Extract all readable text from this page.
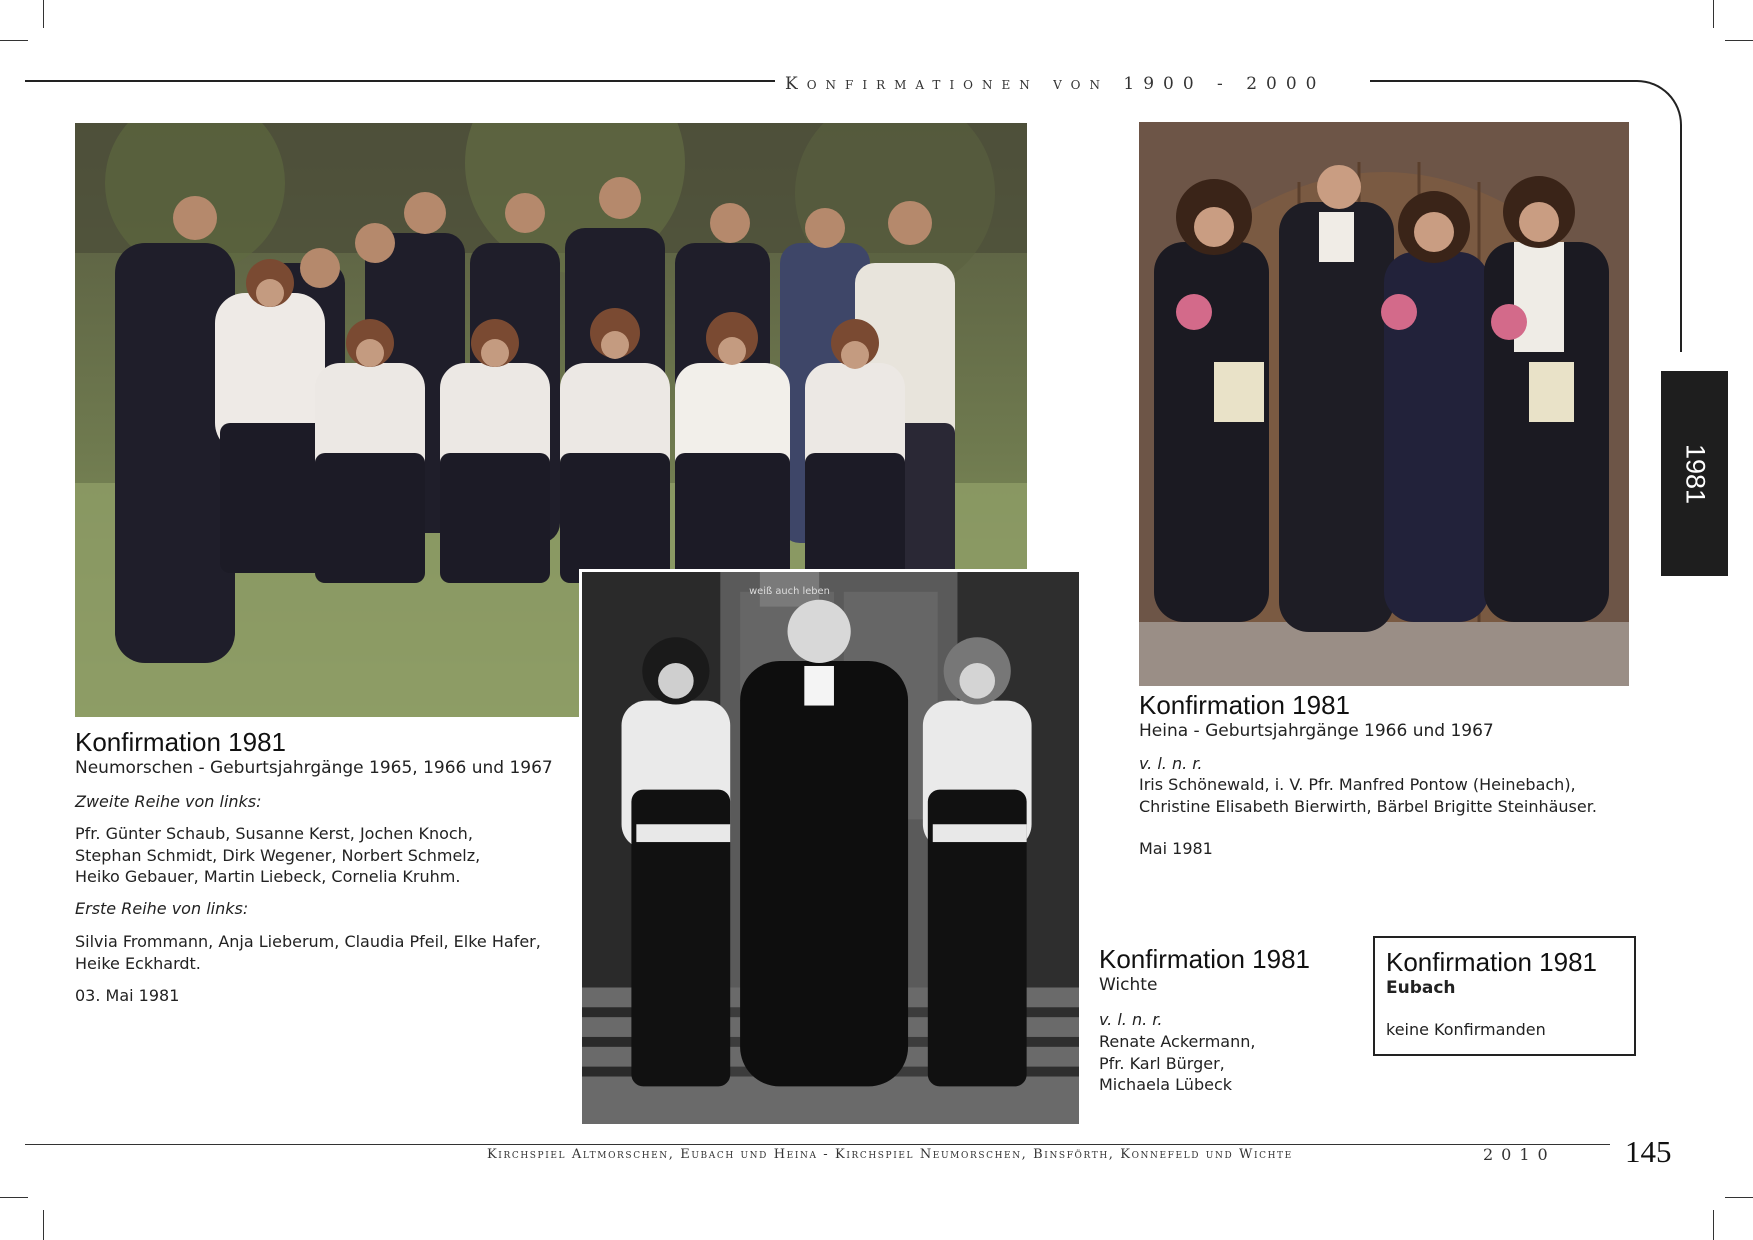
Konfirmationen von 1900 - 2000
1981
weiß auch leben
Konfirmation 1981
Neumorschen - Geburtsjahrgänge 1965, 1966 und 1967
Zweite Reihe von links:
Pfr. Günter Schaub, Susanne Kerst, Jochen Knoch,
Stephan Schmidt, Dirk Wegener, Norbert Schmelz,
Heiko Gebauer, Martin Liebeck, Cornelia Kruhm.
Erste Reihe von links:
Silvia Frommann, Anja Lieberum, Claudia Pfeil, Elke Hafer,
Heike Eckhardt.
03. Mai 1981
Konfirmation 1981
Heina - Geburtsjahrgänge 1966 und 1967
v. l. n. r.
Iris Schönewald, i. V. Pfr. Manfred Pontow (Heinebach),
Christine Elisabeth Bierwirth, Bärbel Brigitte Steinhäuser.
Mai 1981
Konfirmation 1981
Wichte
v. l. n. r.
Renate Ackermann,
Pfr. Karl Bürger,
Michaela Lübeck
Konfirmation 1981
Eubach
keine Konfirmanden
Kirchspiel Altmorschen, Eubach und Heina - Kirchspiel Neumorschen, Binsförth, Konnefeld und Wichte	2010 145
